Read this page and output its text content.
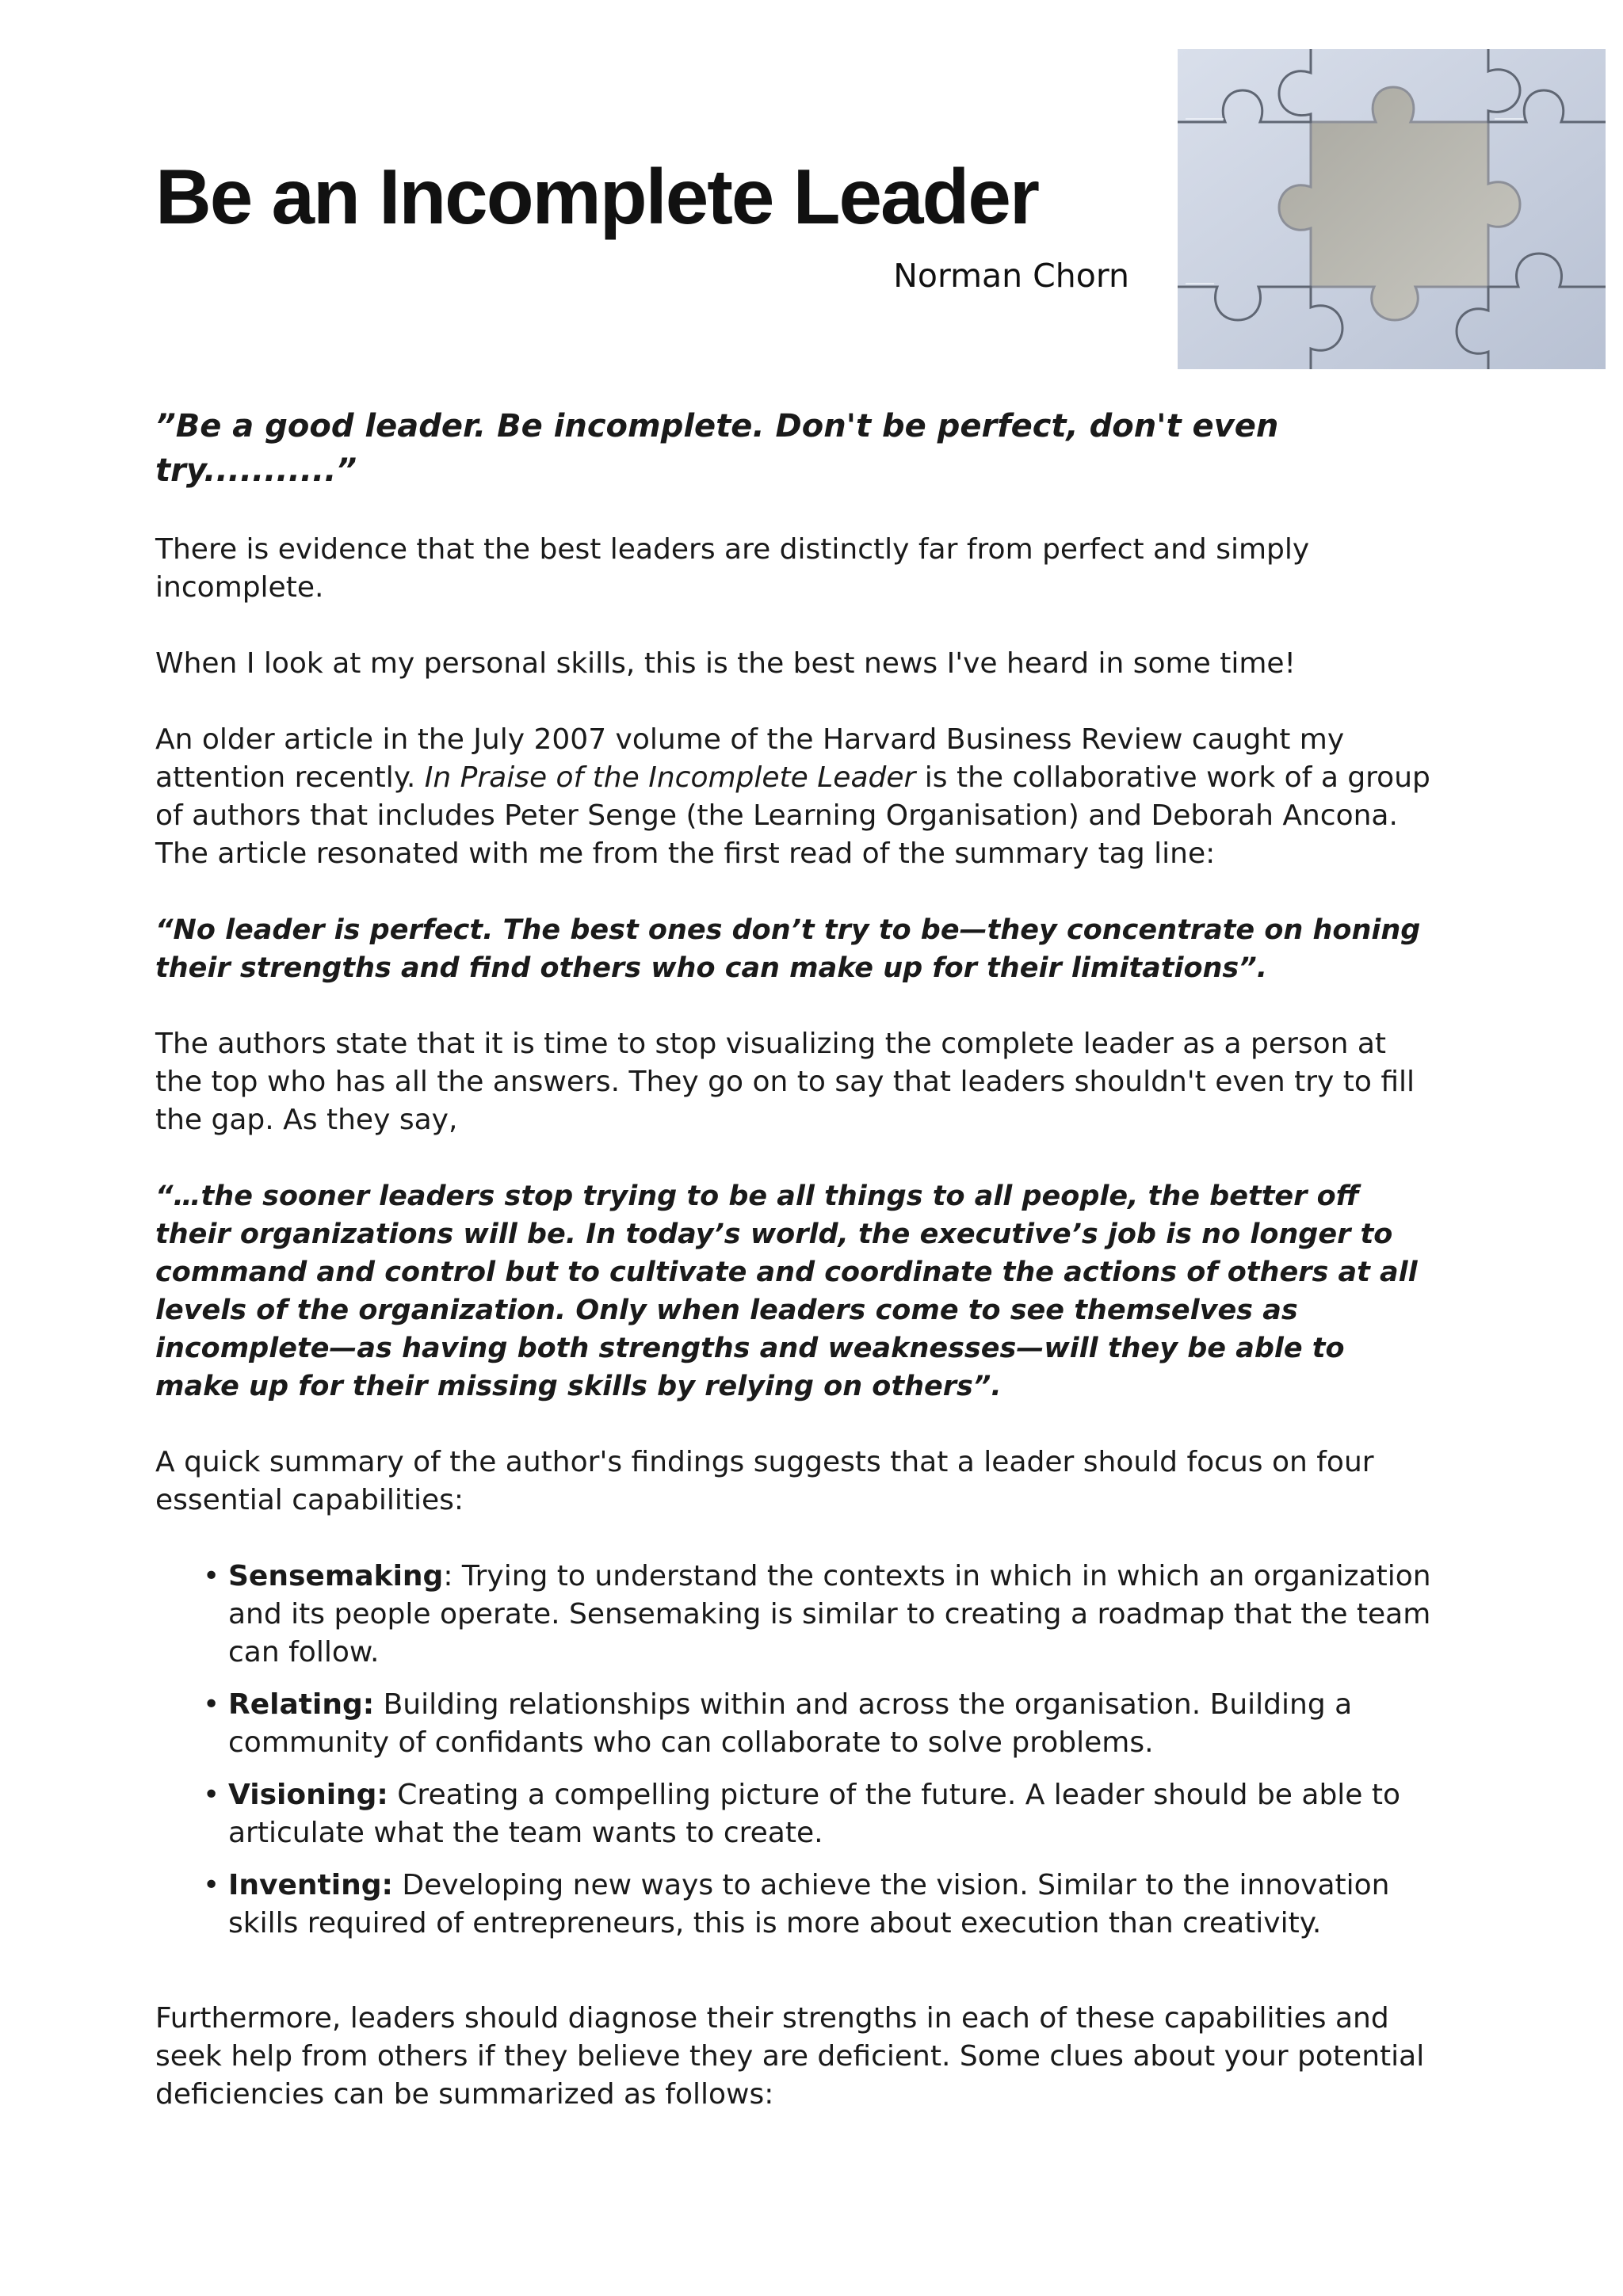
Be an Incomplete Leader
Norman Chorn

”Be a good leader. Be incomplete. Don't be perfect, don't even try...........”

There is evidence that the best leaders are distinctly far from perfect and simply incomplete.

When I look at my personal skills, this is the best news I've heard in some time!

An older article in the July 2007 volume of the Harvard Business Review caught my attention recently. In Praise of the Incomplete Leader is the collaborative work of a group of authors that includes Peter Senge (the Learning Organisation) and Deborah Ancona. The article resonated with me from the first read of the summary tag line:

“No leader is perfect. The best ones don’t try to be—they concentrate on honing their strengths and find others who can make up for their limitations”.

The authors state that it is time to stop visualizing the complete leader as a person at the top who has all the answers. They go on to say that leaders shouldn't even try to fill the gap. As they say,

“…the sooner leaders stop trying to be all things to all people, the better off their organizations will be. In today’s world, the executive’s job is no longer to command and control but to cultivate and coordinate the actions of others at all levels of the organization. Only when leaders come to see themselves as incomplete—as having both strengths and weaknesses—will they be able to make up for their missing skills by relying on others”.

A quick summary of the author's findings suggests that a leader should focus on four essential capabilities:

• Sensemaking: Trying to understand the contexts in which in which an organization and its people operate. Sensemaking is similar to creating a roadmap that the team can follow.
• Relating: Building relationships within and across the organisation. Building a community of confidants who can collaborate to solve problems.
• Visioning: Creating a compelling picture of the future. A leader should be able to articulate what the team wants to create.
• Inventing: Developing new ways to achieve the vision. Similar to the innovation skills required of entrepreneurs, this is more about execution than creativity.

Furthermore, leaders should diagnose their strengths in each of these capabilities and seek help from others if they believe they are deficient. Some clues about your potential deficiencies can be summarized as follows:
